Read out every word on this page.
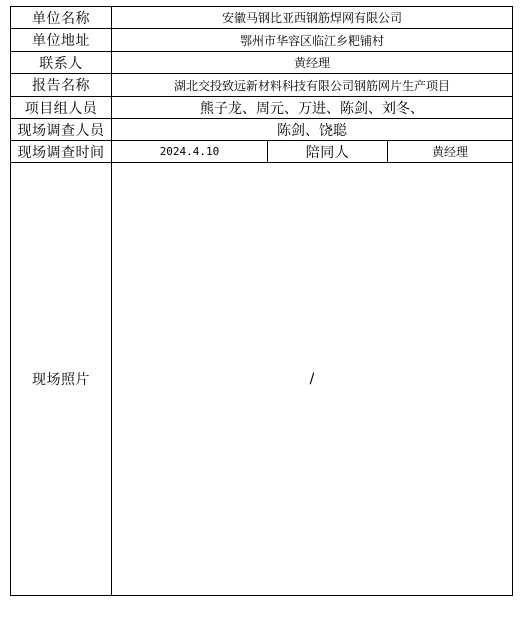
单位名称	安徽马钢比亚西钢筋焊网有限公司		
单位地址	鄂州市华容区临江乡粑铺村		
联系人	黄经理		
报告名称	湖北交投致远新材料科技有限公司钢筋网片生产项目		
项目组人员	熊子龙、周元、万进、陈剑、刘冬、		
现场调查人员	陈剑、饶聪		
现场调查时间	2024.4.10	陪同人	黄经理
现场照片	/		
